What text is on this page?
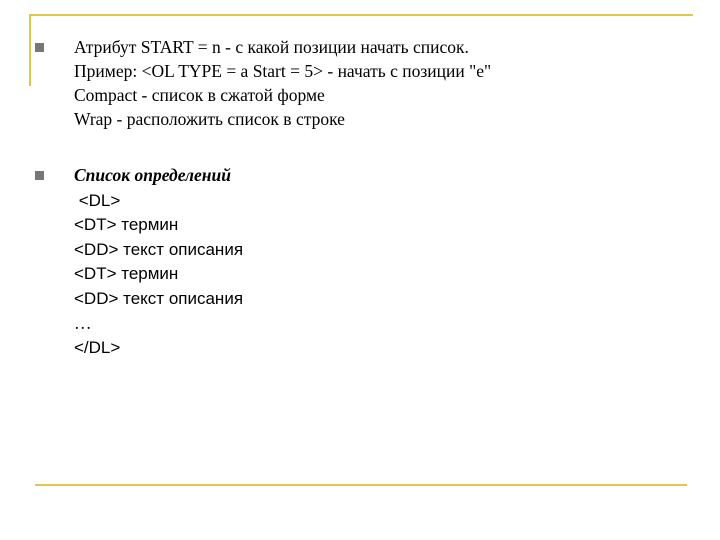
Атрибут START = n - с какой позиции начать список.
Пример: <OL TYPE = a Start = 5> - начать с позиции "e"
Compact - список в сжатой форме
Wrap - расположить список в строке
Список определений
<DL>
<DT> термин
<DD> текст описания
<DT> термин
<DD> текст описания
…
</DL>
